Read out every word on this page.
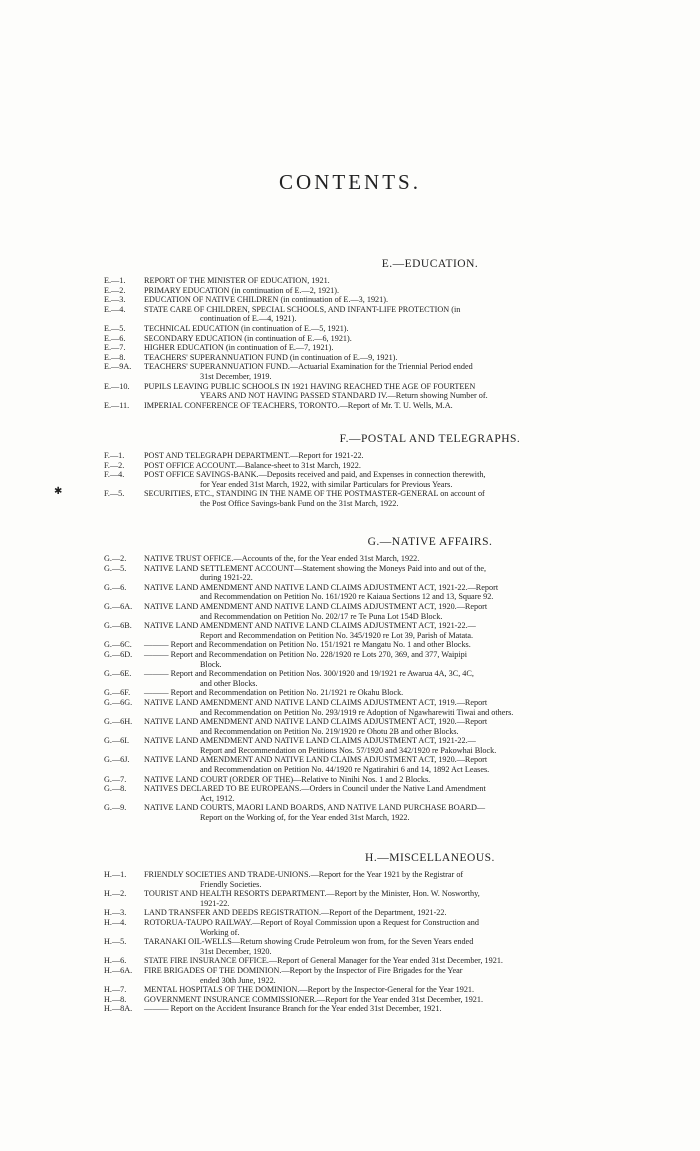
CONTENTS.
✱
E.—EDUCATION.
E.—1.	REPORT OF THE MINISTER OF EDUCATION, 1921.
E.—2.	PRIMARY EDUCATION (in continuation of E.—2, 1921).
E.—3.	EDUCATION OF NATIVE CHILDREN (in continuation of E.—3, 1921).
E.—4.	STATE CARE OF CHILDREN, SPECIAL SCHOOLS, AND INFANT-LIFE PROTECTION (in
continuation of E.—4, 1921).
E.—5.	TECHNICAL EDUCATION (in continuation of E.—5, 1921).
E.—6.	SECONDARY EDUCATION (in continuation of E.—6, 1921).
E.—7.	HIGHER EDUCATION (in continuation of E.—7, 1921).
E.—8.	TEACHERS' SUPERANNUATION FUND (in continuation of E.—9, 1921).
E.—9A.	TEACHERS' SUPERANNUATION FUND.—Actuarial Examination for the Triennial Period ended
31st December, 1919.
E.—10.	PUPILS LEAVING PUBLIC SCHOOLS IN 1921 HAVING REACHED THE AGE OF FOURTEEN
YEARS AND NOT HAVING PASSED STANDARD IV.—Return showing Number of.
E.—11.	IMPERIAL CONFERENCE OF TEACHERS, TORONTO.—Report of Mr. T. U. Wells, M.A.
F.—POSTAL AND TELEGRAPHS.
F.—1.	POST AND TELEGRAPH DEPARTMENT.—Report for 1921-22.
F.—2.	POST OFFICE ACCOUNT.—Balance-sheet to 31st March, 1922.
F.—4.	POST OFFICE SAVINGS-BANK.—Deposits received and paid, and Expenses in connection therewith,
for Year ended 31st March, 1922, with similar Particulars for Previous Years.
F.—5.	SECURITIES, ETC., STANDING IN THE NAME OF THE POSTMASTER-GENERAL on account of
the Post Office Savings-bank Fund on the 31st March, 1922.
G.—NATIVE AFFAIRS.
G.—2.	NATIVE TRUST OFFICE.—Accounts of the, for the Year ended 31st March, 1922.
G.—5.	NATIVE LAND SETTLEMENT ACCOUNT—Statement showing the Moneys Paid into and out of the,
during 1921-22.
G.—6.	NATIVE LAND AMENDMENT AND NATIVE LAND CLAIMS ADJUSTMENT ACT, 1921-22.—Report
and Recommendation on Petition No. 161/1920 re Kaiaua Sections 12 and 13, Square 92.
G.—6A.	NATIVE LAND AMENDMENT AND NATIVE LAND CLAIMS ADJUSTMENT ACT, 1920.—Report
and Recommendation on Petition No. 202/17 re Te Puna Lot 154D Block.
G.—6B.	NATIVE LAND AMENDMENT AND NATIVE LAND CLAIMS ADJUSTMENT ACT, 1921-22.—
Report and Recommendation on Petition No. 345/1920 re Lot 39, Parish of Matata.
G.—6C.	——— Report and Recommendation on Petition No. 151/1921 re Mangatu No. 1 and other Blocks.
G.—6D.	——— Report and Recommendation on Petition No. 228/1920 re Lots 270, 369, and 377, Waipipi
Block.
G.—6E.	——— Report and Recommendation on Petition Nos. 300/1920 and 19/1921 re Awarua 4A, 3C, 4C,
and other Blocks.
G.—6F.	——— Report and Recommendation on Petition No. 21/1921 re Okahu Block.
G.—6G.	NATIVE LAND AMENDMENT AND NATIVE LAND CLAIMS ADJUSTMENT ACT, 1919.—Report
and Recommendation on Petition No. 293/1919 re Adoption of Ngawharewiti Tiwai and others.
G.—6H.	NATIVE LAND AMENDMENT AND NATIVE LAND CLAIMS ADJUSTMENT ACT, 1920.—Report
and Recommendation on Petition No. 219/1920 re Ohotu 2B and other Blocks.
G.—6I.	NATIVE LAND AMENDMENT AND NATIVE LAND CLAIMS ADJUSTMENT ACT, 1921-22.—
Report and Recommendation on Petitions Nos. 57/1920 and 342/1920 re Pakowhai Block.
G.—6J.	NATIVE LAND AMENDMENT AND NATIVE LAND CLAIMS ADJUSTMENT ACT, 1920.—Report
and Recommendation on Petition No. 44/1920 re Ngatirahiri 6 and 14, 1892 Act Leases.
G.—7.	NATIVE LAND COURT (ORDER OF THE)—Relative to Ninihi Nos. 1 and 2 Blocks.
G.—8.	NATIVES DECLARED TO BE EUROPEANS.—Orders in Council under the Native Land Amendment
Act, 1912.
G.—9.	NATIVE LAND COURTS, MAORI LAND BOARDS, AND NATIVE LAND PURCHASE BOARD—
Report on the Working of, for the Year ended 31st March, 1922.
H.—MISCELLANEOUS.
H.—1.	FRIENDLY SOCIETIES AND TRADE-UNIONS.—Report for the Year 1921 by the Registrar of
Friendly Societies.
H.—2.	TOURIST AND HEALTH RESORTS DEPARTMENT.—Report by the Minister, Hon. W. Nosworthy,
1921-22.
H.—3.	LAND TRANSFER AND DEEDS REGISTRATION.—Report of the Department, 1921-22.
H.—4.	ROTORUA-TAUPO RAILWAY.—Report of Royal Commission upon a Request for Construction and
Working of.
H.—5.	TARANAKI OIL-WELLS—Return showing Crude Petroleum won from, for the Seven Years ended
31st December, 1920.
H.—6.	STATE FIRE INSURANCE OFFICE.—Report of General Manager for the Year ended 31st December, 1921.
H.—6A.	FIRE BRIGADES OF THE DOMINION.—Report by the Inspector of Fire Brigades for the Year
ended 30th June, 1922.
H.—7.	MENTAL HOSPITALS OF THE DOMINION.—Report by the Inspector-General for the Year 1921.
H.—8.	GOVERNMENT INSURANCE COMMISSIONER.—Report for the Year ended 31st December, 1921.
H.—8A.	——— Report on the Accident Insurance Branch for the Year ended 31st December, 1921.
